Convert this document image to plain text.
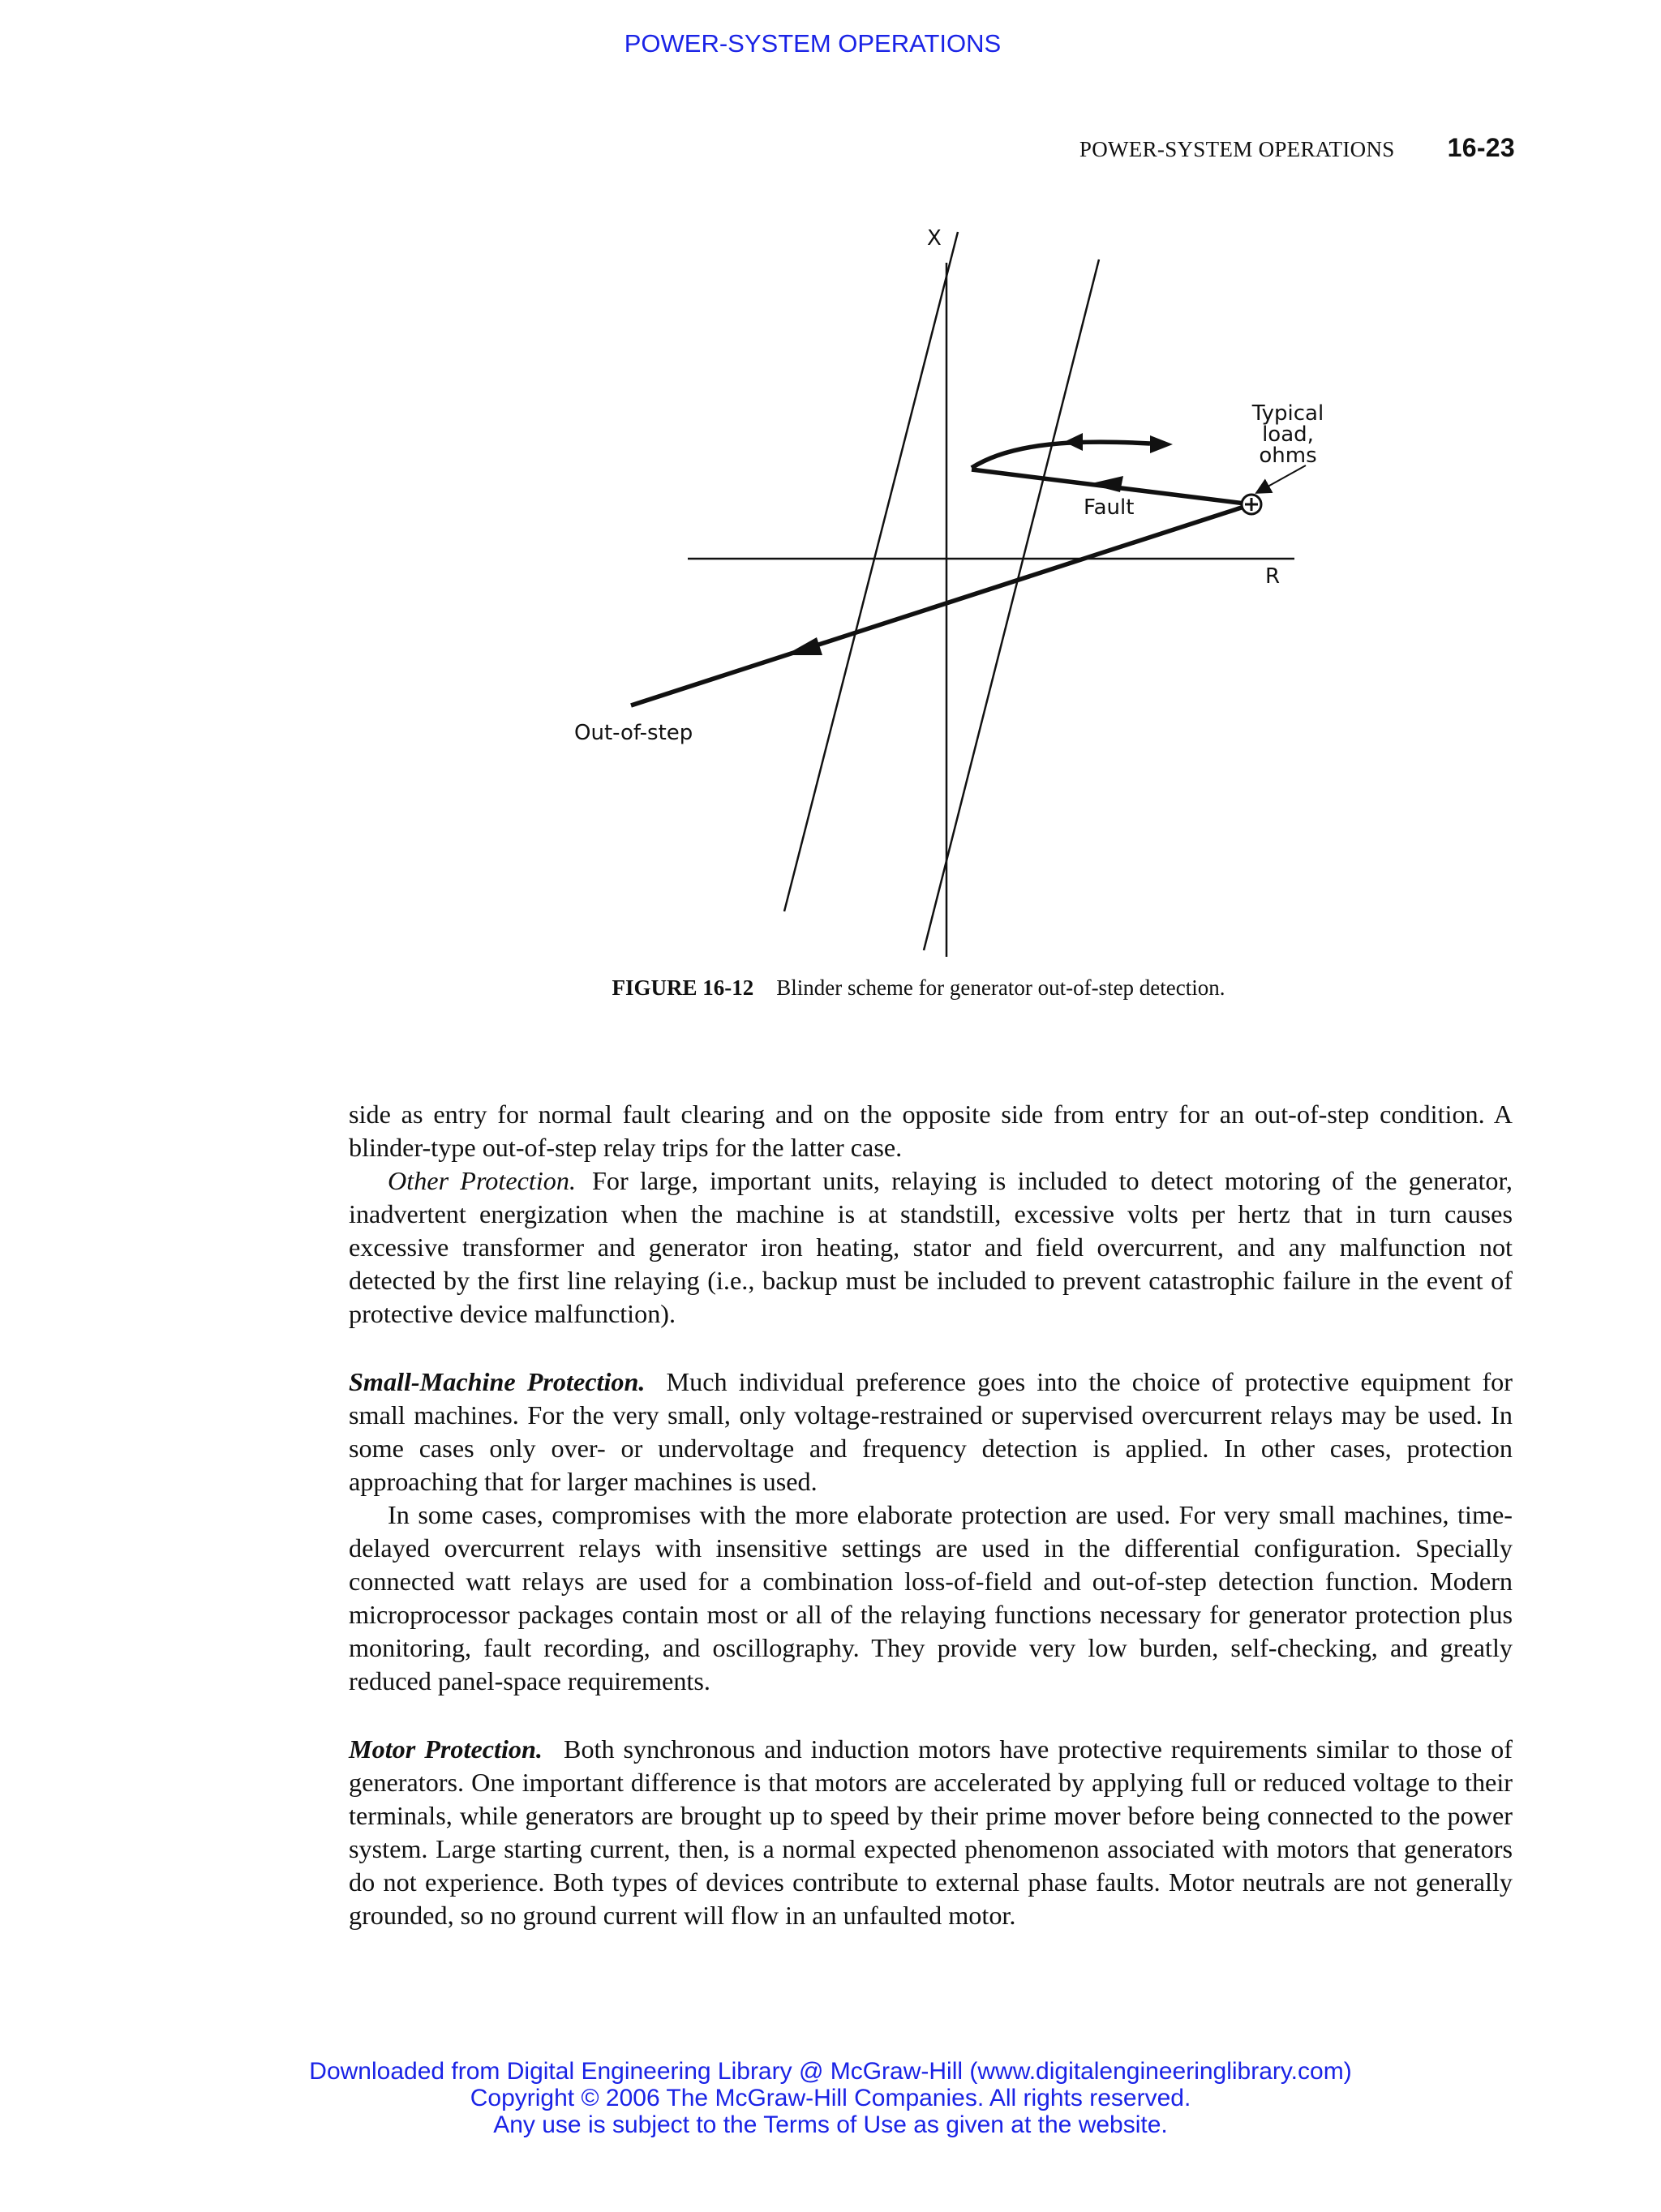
POWER-SYSTEM OPERATIONS
POWER-SYSTEM OPERATIONS 16-23
X
R
Typical
load,
ohms
Fault
Out-of-step
FIGURE 16-12 Blinder scheme for generator out-of-step detection.

side as entry for normal fault clearing and on the opposite side from entry for an out-of-step condition. A blinder-type out-of-step relay trips for the latter case.

Other Protection. For large, important units, relaying is included to detect motoring of the generator, inadvertent energization when the machine is at standstill, excessive volts per hertz that in turn causes excessive transformer and generator iron heating, stator and field overcurrent, and any malfunction not detected by the first line relaying (i.e., backup must be included to prevent catastrophic failure in the event of protective device malfunction).

Small-Machine Protection. Much individual preference goes into the choice of protective equipment for small machines. For the very small, only voltage-restrained or supervised overcurrent relays may be used. In some cases only over- or undervoltage and frequency detection is applied. In other cases, protection approaching that for larger machines is used.

In some cases, compromises with the more elaborate protection are used. For very small machines, time-delayed overcurrent relays with insensitive settings are used in the differential configuration. Specially connected watt relays are used for a combination loss-of-field and out-of-step detection function. Modern microprocessor packages contain most or all of the relaying functions necessary for generator protection plus monitoring, fault recording, and oscillography. They provide very low burden, self-checking, and greatly reduced panel-space requirements.

Motor Protection. Both synchronous and induction motors have protective requirements similar to those of generators. One important difference is that motors are accelerated by applying full or reduced voltage to their terminals, while generators are brought up to speed by their prime mover before being connected to the power system. Large starting current, then, is a normal expected phenomenon associated with motors that generators do not experience. Both types of devices contribute to external phase faults. Motor neutrals are not generally grounded, so no ground current will flow in an unfaulted motor.

Downloaded from Digital Engineering Library @ McGraw-Hill (www.digitalengineeringlibrary.com)
Copyright © 2006 The McGraw-Hill Companies. All rights reserved.
Any use is subject to the Terms of Use as given at the website.
